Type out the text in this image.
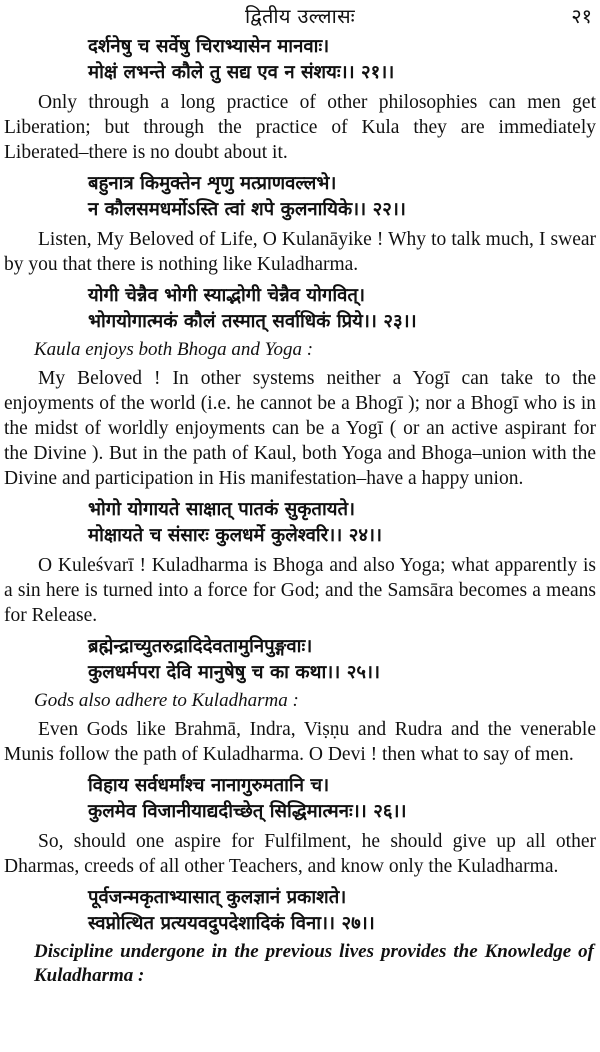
द्वितीय उल्लासः	२१
दर्शनेषु च सर्वेषु चिराभ्यासेन मानवाः।
मोक्षं लभन्ते कौले तु सद्य एव न संशयः।। २१।।
Only through a long practice of other philosophies can men get Liberation; but through the practice of Kula they are immediately Liberated–there is no doubt about it.
बहुनात्र किमुक्तेन शृणु मत्प्राणवल्लभे।
न कौलसमधर्मोऽस्ति त्वां शपे कुलनायिके।। २२।।
Listen, My Beloved of Life, O Kulanāyike ! Why to talk much, I swear by you that there is nothing like Kuladharma.
योगी चेन्नैव भोगी स्याद्भोगी चेन्नैव योगवित्।
भोगयोगात्मकं कौलं तस्मात् सर्वाधिकं प्रिये।। २३।।
Kaula enjoys both Bhoga and Yoga :
My Beloved ! In other systems neither a Yogī can take to the enjoyments of the world (i.e. he cannot be a Bhogī ); nor a Bhogī who is in the midst of worldly enjoyments can be a Yogī ( or an active aspirant for the Divine ). But in the path of Kaul, both Yoga and Bhoga–union with the Divine and participation in His manifestation–have a happy union.
भोगो योगायते साक्षात् पातकं सुकृतायते।
मोक्षायते च संसारः कुलधर्मे कुलेश्वरि।। २४।।
O Kuleśvarī ! Kuladharma is Bhoga and also Yoga; what apparently is a sin here is turned into a force for God; and the Samsāra becomes a means for Release.
ब्रह्मेन्द्राच्युतरुद्रादिदेवतामुनिपुङ्गवाः।
कुलधर्मपरा देवि मानुषेषु च का कथा।। २५।।
Gods also adhere to Kuladharma :
Even Gods like Brahmā, Indra, Viṣṇu and Rudra and the venerable Munis follow the path of Kuladharma. O Devi ! then what to say of men.
विहाय सर्वधर्मांश्च नानागुरुमतानि च।
कुलमेव विजानीयाद्यदीच्छेत् सिद्धिमात्मनः।। २६।।
So, should one aspire for Fulfilment, he should give up all other Dharmas, creeds of all other Teachers, and know only the Kuladharma.
पूर्वजन्मकृताभ्यासात् कुलज्ञानं प्रकाशते।
स्वप्नोत्थित प्रत्ययवदुपदेशादिकं विना।। २७।।
Discipline undergone in the previous lives provides the Knowledge of Kuladharma :
